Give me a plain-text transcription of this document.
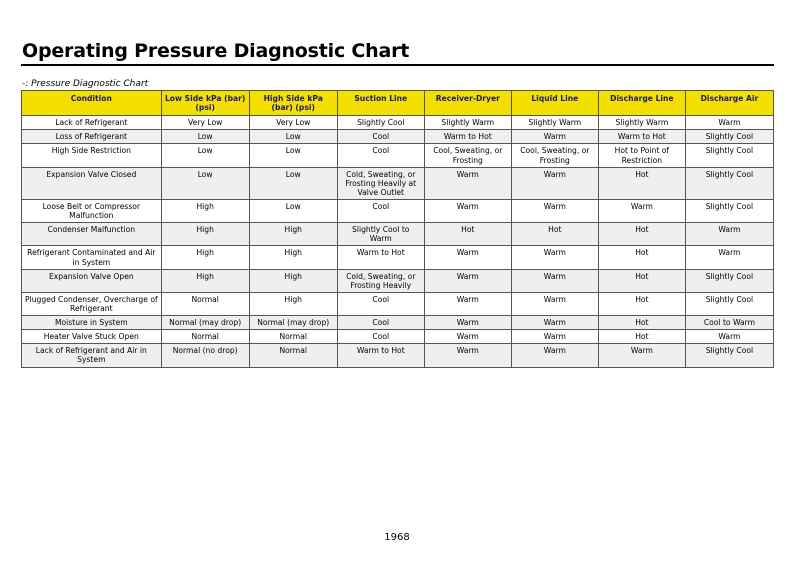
Operating Pressure Diagnostic Chart
-: Pressure Diagnostic Chart
Condition	Low Side kPa (bar) (psi)	High Side kPa (bar) (psi)	Suction Line	Receiver-Dryer	Liquid Line	Discharge Line	Discharge Air
Lack of Refrigerant	Very Low	Very Low	Slightly Cool	Slightly Warm	Slightly Warm	Slightly Warm	Warm
Loss of Refrigerant	Low	Low	Cool	Warm to Hot	Warm	Warm to Hot	Slightly Cool
High Side Restriction	Low	Low	Cool	Cool, Sweating, or Frosting	Cool, Sweating, or Frosting	Hot to Point of Restriction	Slightly Cool
Expansion Valve Closed	Low	Low	Cold, Sweating, or Frosting Heavily at Valve Outlet	Warm	Warm	Hot	Slightly Cool
Loose Belt or Compressor Malfunction	High	Low	Cool	Warm	Warm	Warm	Slightly Cool
Condenser Malfunction	High	High	Slightly Cool to Warm	Hot	Hot	Hot	Warm
Refrigerant Contaminated and Air in System	High	High	Warm to Hot	Warm	Warm	Hot	Warm
Expansion Valve Open	High	High	Cold, Sweating, or Frosting Heavily	Warm	Warm	Hot	Slightly Cool
Plugged Condenser, Overcharge of Refrigerant	Normal	High	Cool	Warm	Warm	Hot	Slightly Cool
Moisture in System	Normal (may drop)	Normal (may drop)	Cool	Warm	Warm	Hot	Cool to Warm
Heater Valve Stuck Open	Normal	Normal	Cool	Warm	Warm	Hot	Warm
Lack of Refrigerant and Air in System	Normal (no drop)	Normal	Warm to Hot	Warm	Warm	Warm	Slightly Cool
1968
